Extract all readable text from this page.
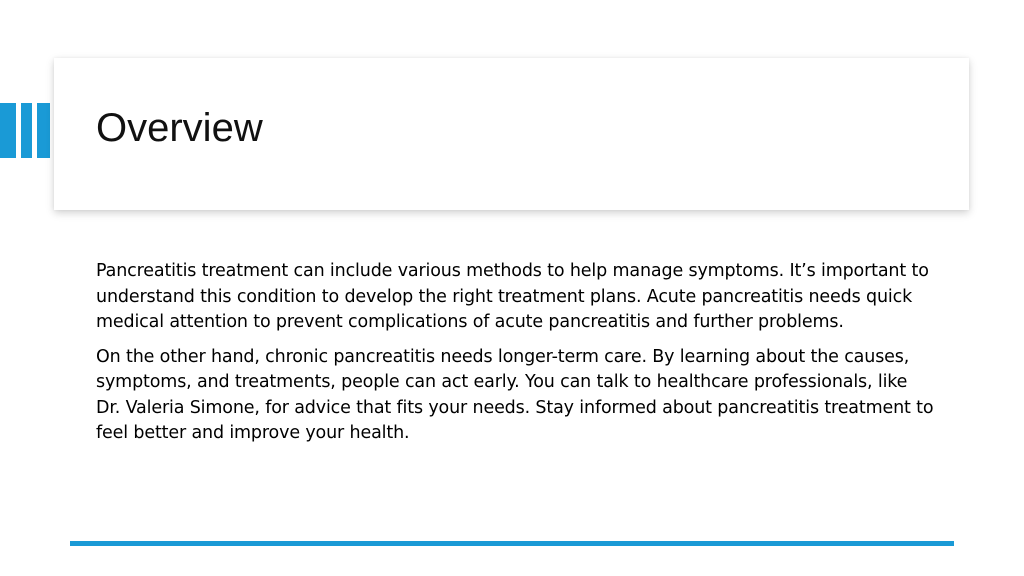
Overview

Pancreatitis treatment can include various methods to help manage symptoms. It’s important to understand this condition to develop the right treatment plans. Acute pancreatitis needs quick medical attention to prevent complications of acute pancreatitis and further problems.

On the other hand, chronic pancreatitis needs longer-term care. By learning about the causes, symptoms, and treatments, people can act early. You can talk to healthcare professionals, like Dr. Valeria Simone, for advice that fits your needs. Stay informed about pancreatitis treatment to feel better and improve your health.
